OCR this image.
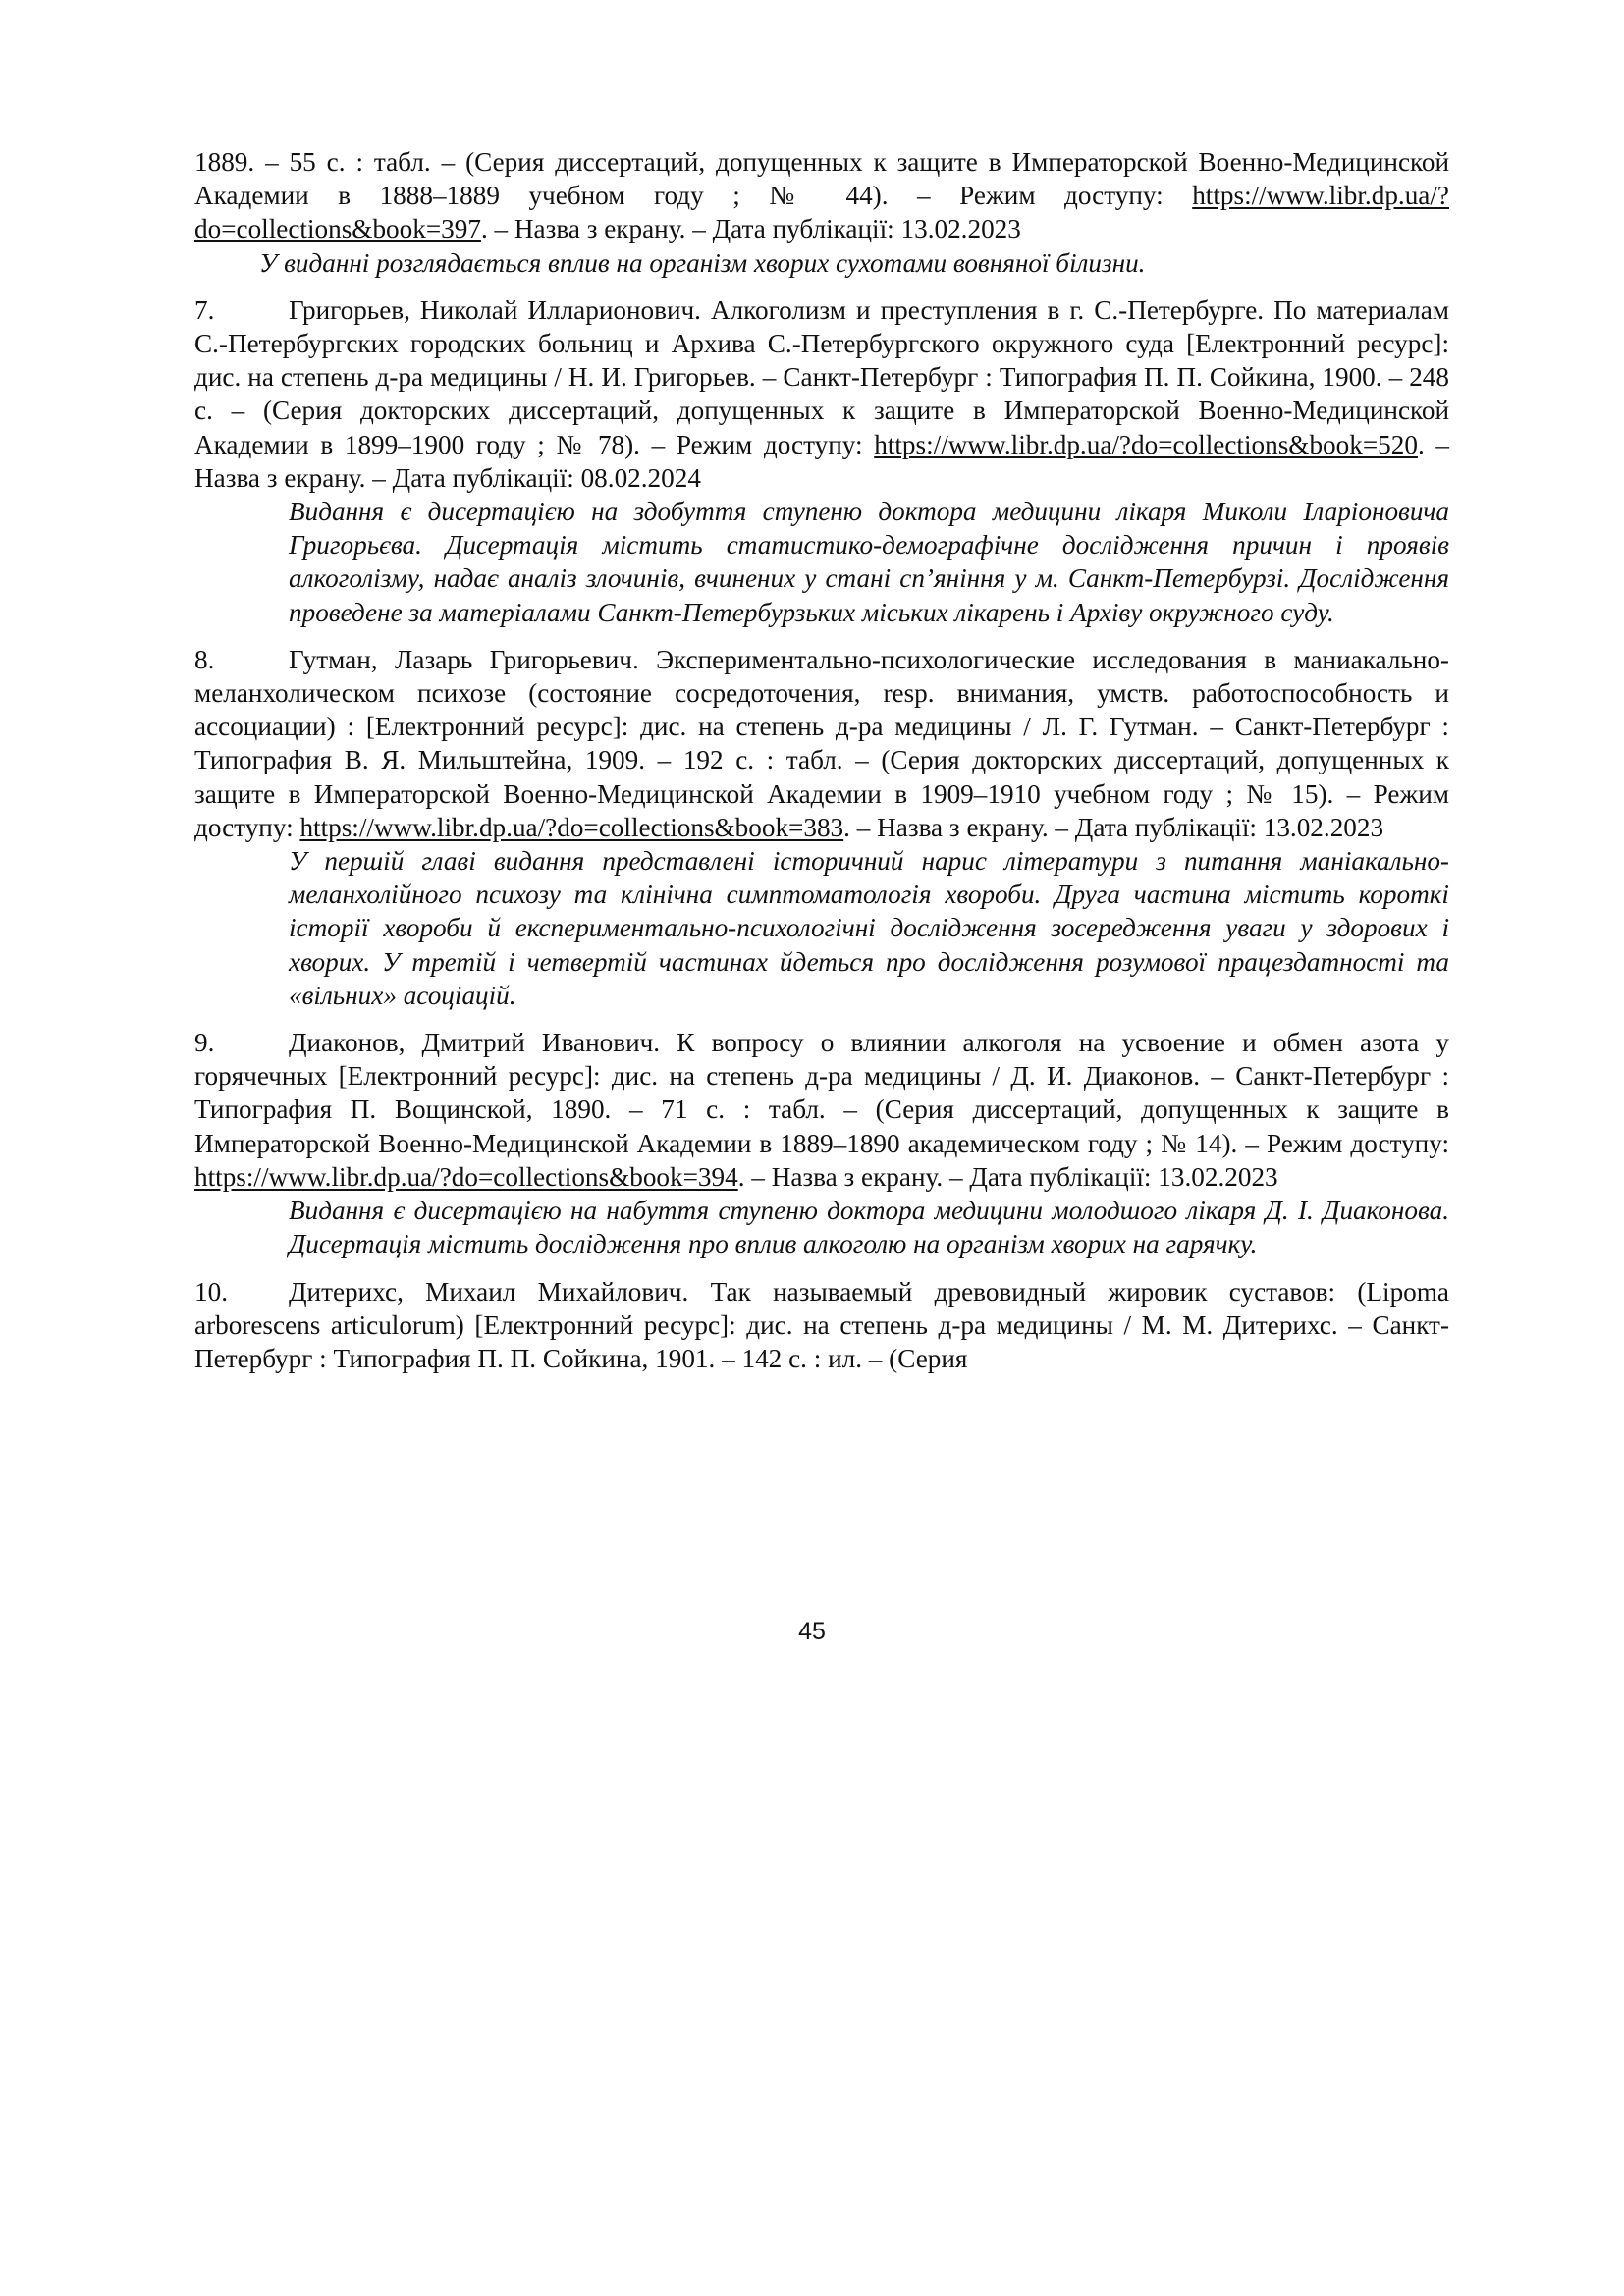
1889. – 55 с. : табл. – (Серия диссертаций, допущенных к защите в Императорской Военно-Медицинской Академии в 1888–1889 учебном году ; № 44). – Режим доступу: https://www.libr.dp.ua/?do=collections&book=397. – Назва з екрану. – Дата публікації: 13.02.2023

У виданні розглядається вплив на організм хворих сухотами вовняної білизни.

7.	Григорьев, Николай Илларионович. Алкоголизм и преступления в г. С.-Петербурге. По материалам С.-Петербургских городских больниц и Архива С.-Петербургского окружного суда [Електронний ресурс]: дис. на степень д-ра медицины / Н. И. Григорьев. – Санкт-Петербург : Типография П. П. Сойкина, 1900. – 248 с. – (Серия докторских диссертаций, допущенных к защите в Императорской Военно-Медицинской Академии в 1899–1900 году ; № 78). – Режим доступу: https://www.libr.dp.ua/?do=collections&book=520. – Назва з екрану. – Дата публікації: 08.02.2024

Видання є дисертацією на здобуття ступеню доктора медицини лікаря Миколи Іларіоновича Григорьєва. Дисертація містить статистико-демографічне дослідження причин і проявів алкоголізму, надає аналіз злочинів, вчинених у стані сп’яніння у м. Санкт-Петербурзі. Дослідження проведене за матеріалами Санкт-Петербурзьких міських лікарень і Архіву окружного суду.

8.	Гутман, Лазарь Григорьевич. Экспериментально-психологические исследования в маниакально-меланхолическом психозе (состояние сосредоточения, resp. внимания, умств. работоспособность и ассоциации) : [Електронний ресурс]: дис. на степень д-ра медицины / Л. Г. Гутман. – Санкт-Петербург : Типография В. Я. Мильштейна, 1909. – 192 с. : табл. – (Серия докторских диссертаций, допущенных к защите в Императорской Военно-Медицинской Академии в 1909–1910 учебном году ; № 15). – Режим доступу: https://www.libr.dp.ua/?do=collections&book=383. – Назва з екрану. – Дата публікації: 13.02.2023

У першій главі видання представлені історичний нарис літератури з питання маніакально-меланхолійного психозу та клінічна симптоматологія хвороби. Друга частина містить короткі історії хвороби й експериментально-психологічні дослідження зосередження уваги у здорових і хворих. У третій і четвертій частинах йдеться про дослідження розумової працездатності та «вільних» асоціацій.

9.	Диаконов, Дмитрий Иванович. К вопросу о влиянии алкоголя на усвоение и обмен азота у горячечных [Електронний ресурс]: дис. на степень д-ра медицины / Д. И. Диаконов. – Санкт-Петербург : Типография П. Вощинской, 1890. – 71 с. : табл. – (Серия диссертаций, допущенных к защите в Императорской Военно-Медицинской Академии в 1889–1890 академическом году ; № 14). – Режим доступу: https://www.libr.dp.ua/?do=collections&book=394. – Назва з екрану. – Дата публікації: 13.02.2023

Видання є дисертацією на набуття ступеню доктора медицини молодшого лікаря Д. І. Диаконова. Дисертація містить дослідження про вплив алкоголю на організм хворих на гарячку.

10. Дитерихс, Михаил Михайлович. Так называемый древовидный жировик суставов: (Lipoma arborescens articulorum) [Електронний ресурс]: дис. на степень д-ра медицины / М. М. Дитерихс. – Санкт-Петербург : Типография П. П. Сойкина, 1901. – 142 с. : ил. – (Серия

45
